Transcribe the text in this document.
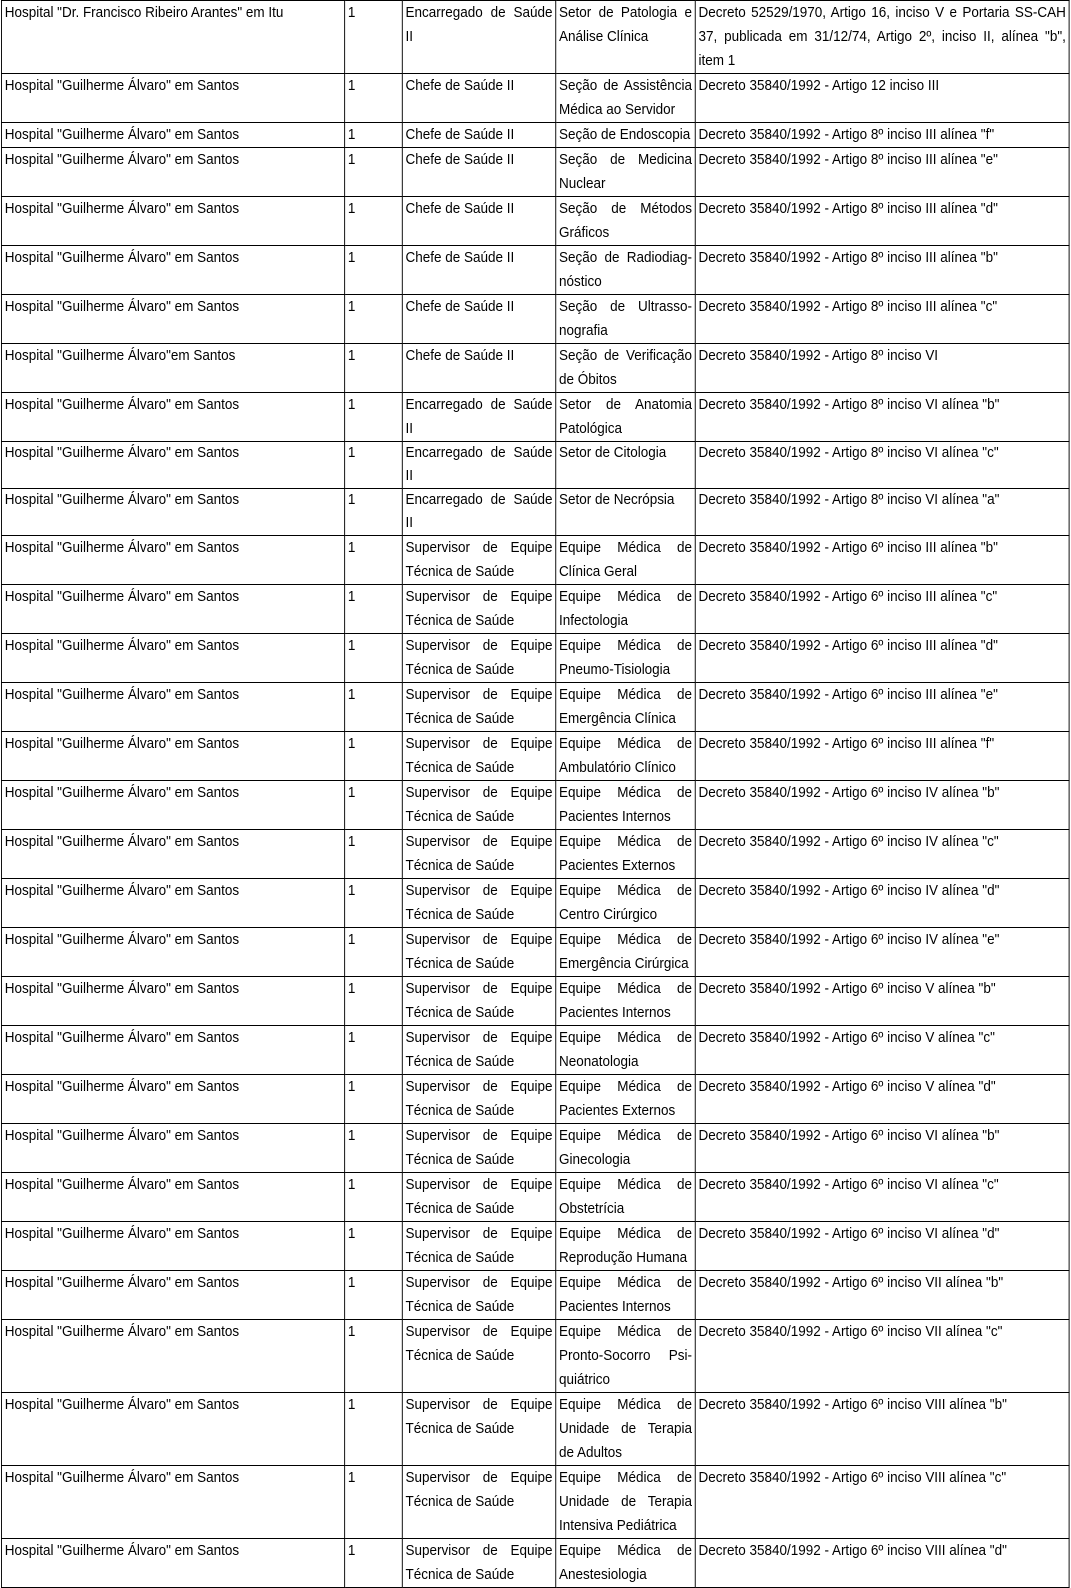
Hospital "Dr. Francisco Ribeiro Arantes" em Itu	1	Encarregado de Saúde II	Setor de Patologia e Análise Clínica	Decreto 52529/1970, Artigo 16, inciso V e Portaria SS-CAH 37, publicada em 31/12/74, Artigo 2º, inciso II, alínea "b", item 1
Hospital "Guilherme Álvaro" em Santos	1	Chefe de Saúde II	Seção de Assistência Médica ao Servidor	Decreto 35840/1992 - Artigo 12 inciso III
Hospital "Guilherme Álvaro" em Santos	1	Chefe de Saúde II	Seção de Endoscopia	Decreto 35840/1992 - Artigo 8º inciso III alínea "f"
Hospital "Guilherme Álvaro" em Santos	1	Chefe de Saúde II	Seção de Medicina Nuclear	Decreto 35840/1992 - Artigo 8º inciso III alínea "e"
Hospital "Guilherme Álvaro" em Santos	1	Chefe de Saúde II	Seção de Métodos Gráficos	Decreto 35840/1992 - Artigo 8º inciso III alínea "d"
Hospital "Guilherme Álvaro" em Santos	1	Chefe de Saúde II	Seção de Radiodiag-nóstico	Decreto 35840/1992 - Artigo 8º inciso III alínea "b"
Hospital "Guilherme Álvaro" em Santos	1	Chefe de Saúde II	Seção de Ultrasso-nografia	Decreto 35840/1992 - Artigo 8º inciso III alínea "c"
Hospital "Guilherme Álvaro"em Santos	1	Chefe de Saúde II	Seção de Verificação de Óbitos	Decreto 35840/1992 - Artigo 8º inciso VI
Hospital "Guilherme Álvaro" em Santos	1	Encarregado de Saúde II	Setor de Anatomia Patológica	Decreto 35840/1992 - Artigo 8º inciso VI alínea "b"
Hospital "Guilherme Álvaro" em Santos	1	Encarregado de Saúde II	Setor de Citologia	Decreto 35840/1992 - Artigo 8º inciso VI alínea "c"
Hospital "Guilherme Álvaro" em Santos	1	Encarregado de Saúde II	Setor de Necrópsia	Decreto 35840/1992 - Artigo 8º inciso VI alínea "a"
Hospital "Guilherme Álvaro" em Santos	1	Supervisor de Equipe Técnica de Saúde	Equipe Médica de Clínica Geral	Decreto 35840/1992 - Artigo 6º inciso III alínea "b"
Hospital "Guilherme Álvaro" em Santos	1	Supervisor de Equipe Técnica de Saúde	Equipe Médica de Infectologia	Decreto 35840/1992 - Artigo 6º inciso III alínea "c"
Hospital "Guilherme Álvaro" em Santos	1	Supervisor de Equipe Técnica de Saúde	Equipe Médica de Pneumo-Tisiologia	Decreto 35840/1992 - Artigo 6º inciso III alínea "d"
Hospital "Guilherme Álvaro" em Santos	1	Supervisor de Equipe Técnica de Saúde	Equipe Médica de Emergência Clínica	Decreto 35840/1992 - Artigo 6º inciso III alínea "e"
Hospital "Guilherme Álvaro" em Santos	1	Supervisor de Equipe Técnica de Saúde	Equipe Médica de Ambulatório Clínico	Decreto 35840/1992 - Artigo 6º inciso III alínea "f"
Hospital "Guilherme Álvaro" em Santos	1	Supervisor de Equipe Técnica de Saúde	Equipe Médica de Pacientes Internos	Decreto 35840/1992 - Artigo 6º inciso IV alínea "b"
Hospital "Guilherme Álvaro" em Santos	1	Supervisor de Equipe Técnica de Saúde	Equipe Médica de Pacientes Externos	Decreto 35840/1992 - Artigo 6º inciso IV alínea "c"
Hospital "Guilherme Álvaro" em Santos	1	Supervisor de Equipe Técnica de Saúde	Equipe Médica de Centro Cirúrgico	Decreto 35840/1992 - Artigo 6º inciso IV alínea "d"
Hospital "Guilherme Álvaro" em Santos	1	Supervisor de Equipe Técnica de Saúde	Equipe Médica de Emergência Cirúrgica	Decreto 35840/1992 - Artigo 6º inciso IV alínea "e"
Hospital "Guilherme Álvaro" em Santos	1	Supervisor de Equipe Técnica de Saúde	Equipe Médica de Pacientes Internos	Decreto 35840/1992 - Artigo 6º inciso V alínea "b"
Hospital "Guilherme Álvaro" em Santos	1	Supervisor de Equipe Técnica de Saúde	Equipe Médica de Neonatologia	Decreto 35840/1992 - Artigo 6º inciso V alínea "c"
Hospital "Guilherme Álvaro" em Santos	1	Supervisor de Equipe Técnica de Saúde	Equipe Médica de Pacientes Externos	Decreto 35840/1992 - Artigo 6º inciso V alínea "d"
Hospital "Guilherme Álvaro" em Santos	1	Supervisor de Equipe Técnica de Saúde	Equipe Médica de Ginecologia	Decreto 35840/1992 - Artigo 6º inciso VI alínea "b"
Hospital "Guilherme Álvaro" em Santos	1	Supervisor de Equipe Técnica de Saúde	Equipe Médica de Obstetrícia	Decreto 35840/1992 - Artigo 6º inciso VI alínea "c"
Hospital "Guilherme Álvaro" em Santos	1	Supervisor de Equipe Técnica de Saúde	Equipe Médica de Reprodução Humana	Decreto 35840/1992 - Artigo 6º inciso VI alínea "d"
Hospital "Guilherme Álvaro" em Santos	1	Supervisor de Equipe Técnica de Saúde	Equipe Médica de Pacientes Internos	Decreto 35840/1992 - Artigo 6º inciso VII alínea "b"
Hospital "Guilherme Álvaro" em Santos	1	Supervisor de Equipe Técnica de Saúde	Equipe Médica de Pronto-Socorro Psi-quiátrico	Decreto 35840/1992 - Artigo 6º inciso VII alínea "c"
Hospital "Guilherme Álvaro" em Santos	1	Supervisor de Equipe Técnica de Saúde	Equipe Médica de Unidade de Terapia de Adultos	Decreto 35840/1992 - Artigo 6º inciso VIII alínea "b"
Hospital "Guilherme Álvaro" em Santos	1	Supervisor de Equipe Técnica de Saúde	Equipe Médica de Unidade de Terapia Intensiva Pediátrica	Decreto 35840/1992 - Artigo 6º inciso VIII alínea "c"
Hospital "Guilherme Álvaro" em Santos	1	Supervisor de Equipe Técnica de Saúde	Equipe Médica de Anestesiologia	Decreto 35840/1992 - Artigo 6º inciso VIII alínea "d"
